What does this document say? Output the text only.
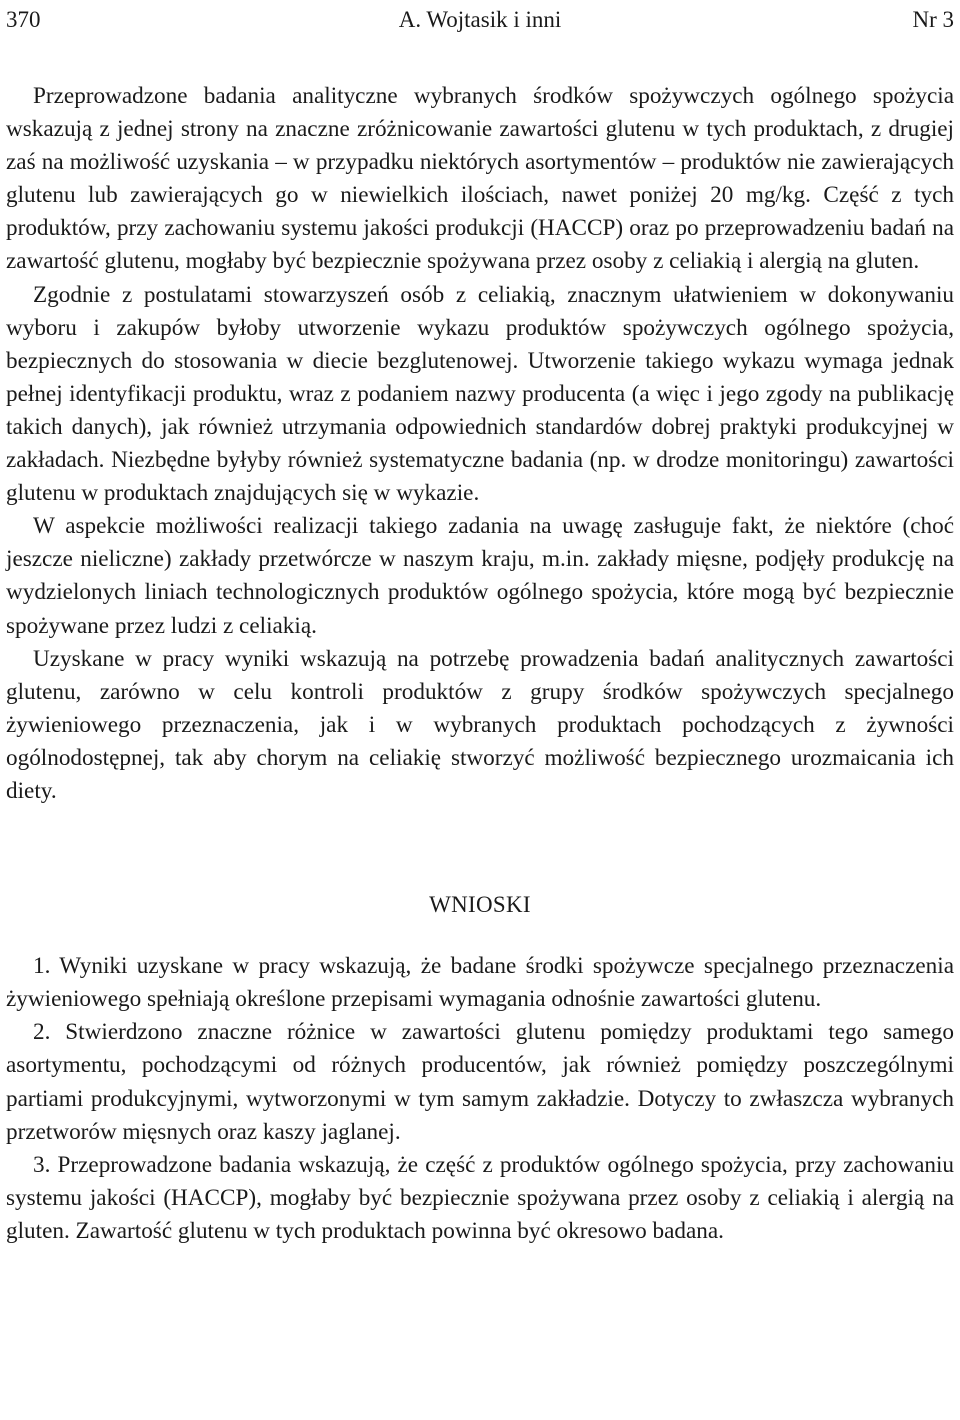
370	A. Wojtasik i inni	Nr 3

Przeprowadzone badania analityczne wybranych środków spożywczych ogólnego spożycia wskazują z jednej strony na znaczne zróżnicowanie zawartości glutenu w tych produktach, z drugiej zaś na możliwość uzyskania – w przypadku niektórych asortymentów – produktów nie zawierających glutenu lub zawierających go w niewielkich ilościach, nawet poniżej 20 mg/kg. Część z tych produktów, przy zachowaniu systemu jakości produkcji (HACCP) oraz po przeprowadzeniu badań na zawartość glutenu, mogłaby być bezpiecznie spożywana przez osoby z celiakią i alergią na gluten.

Zgodnie z postulatami stowarzyszeń osób z celiakią, znacznym ułatwieniem w dokonywaniu wyboru i zakupów byłoby utworzenie wykazu produktów spożywczych ogólnego spożycia, bezpiecznych do stosowania w diecie bezglutenowej. Utworzenie takiego wykazu wymaga jednak pełnej identyfikacji produktu, wraz z podaniem nazwy producenta (a więc i jego zgody na publikację takich danych), jak również utrzymania odpowiednich standardów dobrej praktyki produkcyjnej w zakładach. Niezbędne byłyby również systematyczne badania (np. w drodze monitoringu) zawartości glutenu w produktach znajdujących się w wykazie.

W aspekcie możliwości realizacji takiego zadania na uwagę zasługuje fakt, że niektóre (choć jeszcze nieliczne) zakłady przetwórcze w naszym kraju, m.in. zakłady mięsne, podjęły produkcję na wydzielonych liniach technologicznych produktów ogólnego spożycia, które mogą być bezpiecznie spożywane przez ludzi z celiakią.

Uzyskane w pracy wyniki wskazują na potrzebę prowadzenia badań analitycznych zawartości glutenu, zarówno w celu kontroli produktów z grupy środków spożywczych specjalnego żywieniowego przeznaczenia, jak i w wybranych produktach pochodzących z żywności ogólnodostępnej, tak aby chorym na celiakię stworzyć możliwość bezpiecznego urozmaicania ich diety.

WNIOSKI

1. Wyniki uzyskane w pracy wskazują, że badane środki spożywcze specjalnego przeznaczenia żywieniowego spełniają określone przepisami wymagania odnośnie zawartości glutenu.

2. Stwierdzono znaczne różnice w zawartości glutenu pomiędzy produktami tego samego asortymentu, pochodzącymi od różnych producentów, jak również pomiędzy poszczególnymi partiami produkcyjnymi, wytworzonymi w tym samym zakładzie. Dotyczy to zwłaszcza wybranych przetworów mięsnych oraz kaszy jaglanej.

3. Przeprowadzone badania wskazują, że część z produktów ogólnego spożycia, przy zachowaniu systemu jakości (HACCP), mogłaby być bezpiecznie spożywana przez osoby z celiakią i alergią na gluten. Zawartość glutenu w tych produktach powinna być okresowo badana.
